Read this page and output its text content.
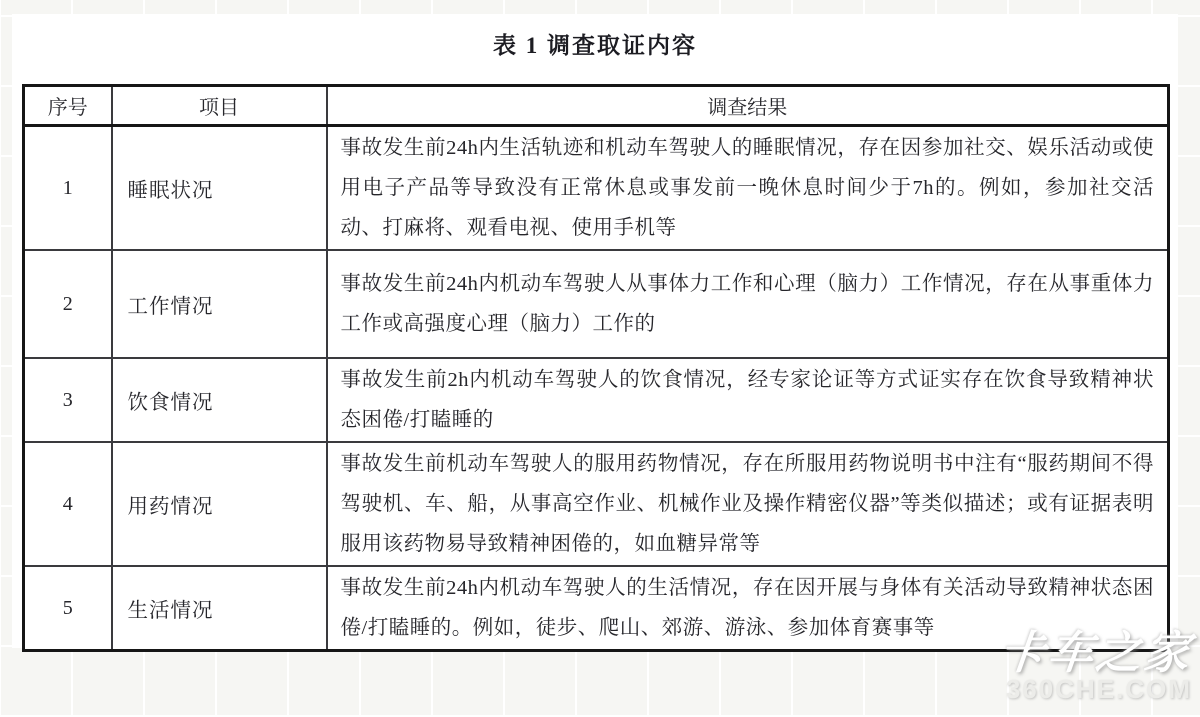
表 1 调查取证内容
序号	项目	调查结果
1	睡眠状况	事故发生前24h内生活轨迹和机动车驾驶人的睡眠情况，存在因参加社交、娱乐活动或使用电子产品等导致没有正常休息或事发前一晚休息时间少于7h的。例如，参加社交活动、打麻将、观看电视、使用手机等
2	工作情况	事故发生前24h内机动车驾驶人从事体力工作和心理（脑力）工作情况，存在从事重体力工作或高强度心理（脑力）工作的
3	饮食情况	事故发生前2h内机动车驾驶人的饮食情况，经专家论证等方式证实存在饮食导致精神状态困倦/打瞌睡的
4	用药情况	事故发生前机动车驾驶人的服用药物情况，存在所服用药物说明书中注有“服药期间不得驾驶机、车、船，从事高空作业、机械作业及操作精密仪器”等类似描述；或有证据表明服用该药物易导致精神困倦的，如血糖异常等
5	生活情况	事故发生前24h内机动车驾驶人的生活情况，存在因开展与身体有关活动导致精神状态困倦/打瞌睡的。例如，徒步、爬山、郊游、游泳、参加体育赛事等 卡车之家
360CHE.COM
